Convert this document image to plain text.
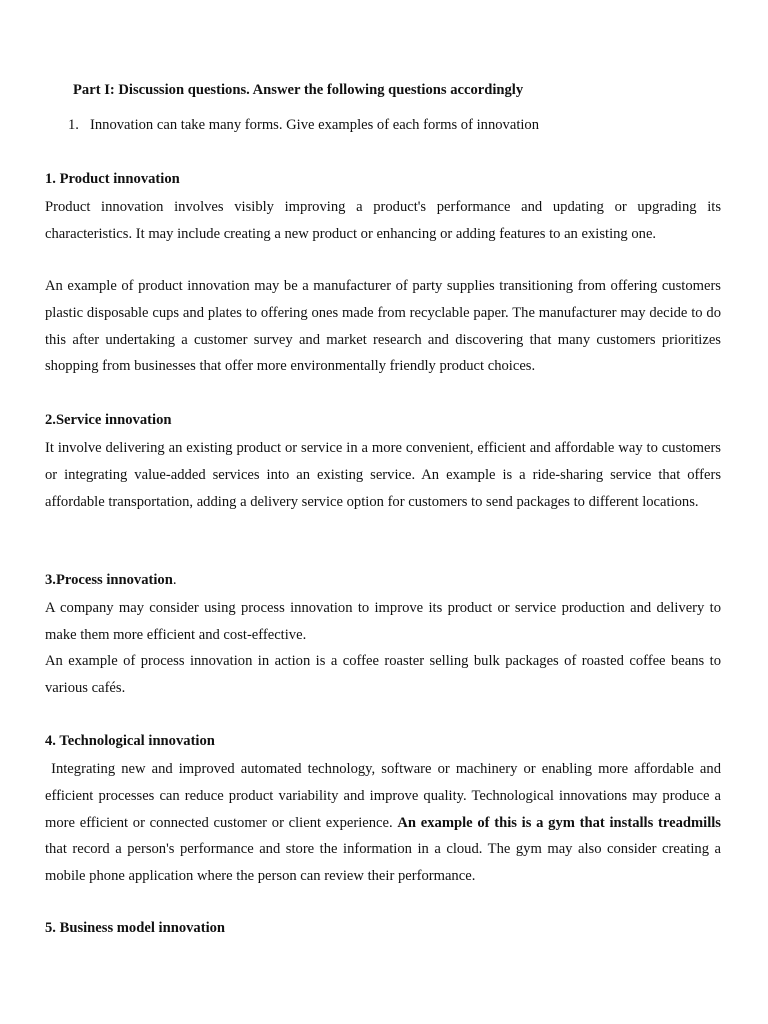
Part I: Discussion questions. Answer the following questions accordingly
1. Innovation can take many forms. Give examples of each forms of innovation
1. Product innovation

Product innovation involves visibly improving a product's performance and updating or upgrading its characteristics. It may include creating a new product or enhancing or adding features to an existing one.

An example of product innovation may be a manufacturer of party supplies transitioning from offering customers plastic disposable cups and plates to offering ones made from recyclable paper. The manufacturer may decide to do this after undertaking a customer survey and market research and discovering that many customers prioritizes shopping from businesses that offer more environmentally friendly product choices.

2.Service innovation

It involve delivering an existing product or service in a more convenient, efficient and affordable way to customers or integrating value-added services into an existing service. An example is a ride-sharing service that offers affordable transportation, adding a delivery service option for customers to send packages to different locations.

3.Process innovation.

A company may consider using process innovation to improve its product or service production and delivery to make them more efficient and cost-effective.

An example of process innovation in action is a coffee roaster selling bulk packages of roasted coffee beans to various cafés.

4. Technological innovation

Integrating new and improved automated technology, software or machinery or enabling more affordable and efficient processes can reduce product variability and improve quality. Technological innovations may produce a more efficient or connected customer or client experience. An example of this is a gym that installs treadmills that record a person's performance and store the information in a cloud. The gym may also consider creating a mobile phone application where the person can review their performance.

5. Business model innovation
